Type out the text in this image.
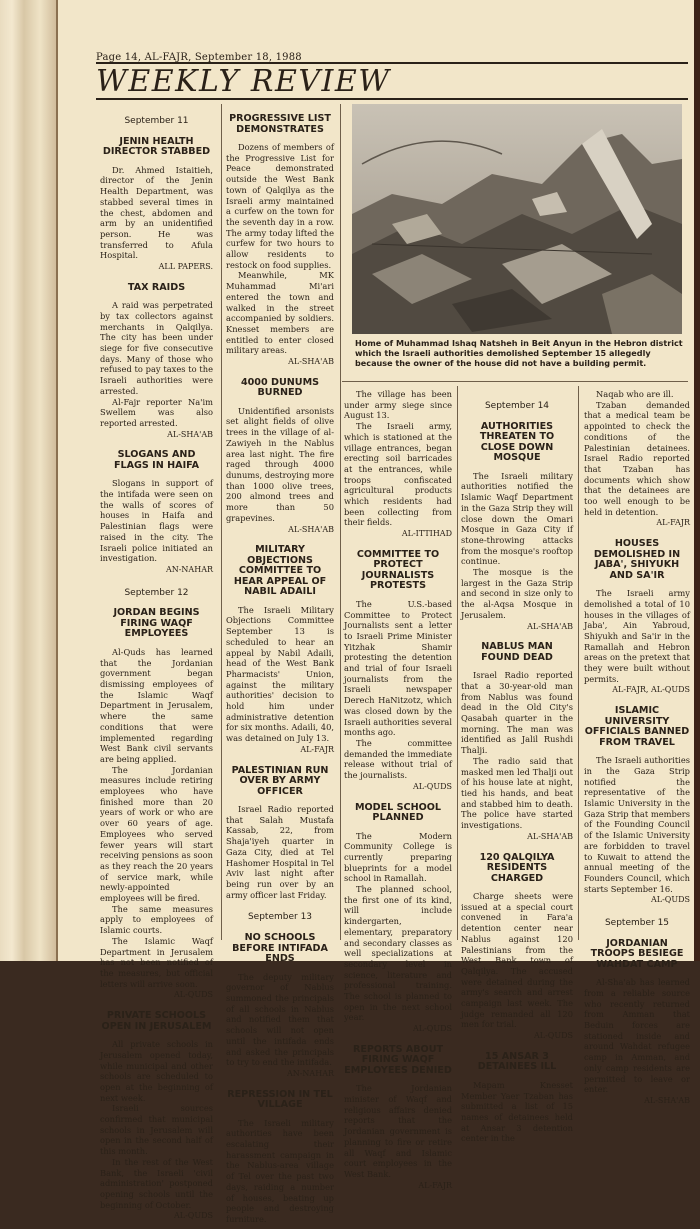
Page 14, AL-FAJR, September 18, 1988
WEEKLY REVIEW
Home of Muhammad Ishaq Natsheh in Beit Anyun in the Hebron district which the Israeli authorities demolished September 15 allegedly because the owner of the house did not have a building permit.
September 11
JENIN HEALTH DIRECTOR STABBED
Dr. Ahmed Istaitieh, director of the Jenin Health Department, was stabbed several times in the chest, abdomen and arm by an unidentified person. He was transferred to Afula Hospital.
ALL PAPERS.
TAX RAIDS
A raid was perpetrated by tax collectors against merchants in Qalqilya. The city has been under siege for five consecutive days. Many of those who refused to pay taxes to the Israeli authorities were arrested.
Al-Fajr reporter Na'im Swellem was also reported arrested.
AL-SHA'AB
SLOGANS AND FLAGS IN HAIFA
Slogans in support of the intifada were seen on the walls of scores of houses in Haifa and Palestinian flags were raised in the city. The Israeli police initiated an investigation.
AN-NAHAR
September 12
JORDAN BEGINS FIRING WAQF EMPLOYEES
Al-Quds has learned that the Jordanian government began dismissing employees of the Islamic Waqf Department in Jerusalem, where the same conditions that were implemented regarding West Bank civil servants are being applied.
The Jordanian measures include retiring employees who have finished more than 20 years of work or who are over 60 years of age. Employees who served fewer years will start receiving pensions as soon as they reach the 20 years of service mark, while newly-appointed employees will be fired.
The same measures apply to employees of Islamic courts.
The Islamic Waqf Department in Jerusalem has not been notified of the measures, but official letters will arrive soon.
AL-QUDS
PRIVATE SCHOOLS OPEN IN JERUSALEM
All private schools in Jerusalem opened today, while municipal and other schools are scheduled to open at the beginning of next week.
Israeli sources confirmed that municipal schools in Jerusalem will open in the second half of this month.
In the rest of the West Bank, the Israeli 'civil administration' postponed opening schools until the beginning of October.
AL-QUDS
PROGRESSIVE LIST DEMONSTRATES
Dozens of members of the Progressive List for Peace demonstrated outside the West Bank town of Qalqilya as the Israeli army maintained a curfew on the town for the seventh day in a row. The army today lifted the curfew for two hours to allow residents to restock on food supplies.
Meanwhile, MK Muhammad Mi'ari entered the town and walked in the street accompanied by soldiers. Knesset members are entitled to enter closed military areas.
AL-SHA'AB
4000 DUNUMS BURNED
Unidentified arsonists set alight fields of olive trees in the village of al-Zawiyeh in the Nablus area last night. The fire raged through 4000 dunums, destroying more than 1000 olive trees, 200 almond trees and more than 50 grapevines.
AL-SHA'AB
MILITARY OBJECTIONS COMMITTEE TO HEAR APPEAL OF NABIL ADAILI
The Israeli Military Objections Committee September 13 is scheduled to hear an appeal by Nabil Adaili, head of the West Bank Pharmacists' Union, against the military authorities' decision to hold him under administrative detention for six months. Adaili, 40, was detained on July 13.
AL-FAJR
PALESTINIAN RUN OVER BY ARMY OFFICER
Israel Radio reported that Salah Mustafa Kassab, 22, from Shaja'iyeh quarter in Gaza City, died at Tel Hashomer Hospital in Tel Aviv last night after being run over by an army officer last Friday.
September 13
NO SCHOOLS BEFORE INTIFADA ENDS
The deputy military governor of Nablus summoned the principals of all schools in Nablus and notified them that schools will not open until the intifada ends and asked the principals to try to end the intifada.
AN-NAHAR
REPRESSION IN TEL VILLAGE
The Israeli military authorities have been escalating their harassment campaign in the Nablus-area village of Tel over the past two days, raiding a number of houses, beating up people and destroying furniture.
The village has been under army siege since August 13.
The Israeli army, which is stationed at the village entrances, began erecting soil barricades at the entrances, while troops confiscated agricultural products which residents had been collecting from their fields.
AL-ITTIHAD
COMMITTEE TO PROTECT JOURNALISTS PROTESTS
The U.S.-based Committee to Protect Journalists sent a letter to Israeli Prime Minister Yitzhak Shamir protesting the detention and trial of four Israeli journalists from the Israeli newspaper Derech HaNitzotz, which was closed down by the Israeli authorities several months ago.
The committee demanded the immediate release without trial of the journalists.
AL-QUDS
MODEL SCHOOL PLANNED
The Modern Community College is currently preparing blueprints for a model school in Ramallah.
The planned school, the first one of its kind, will include kindergarten, elementary, preparatory and secondary classes as well specializations at secondary level in science, literature and professional training. The school is planned to open in the next school year.
AL-QUDS
REPORTS ABOUT FIRING WAQF EMPLOYEES DENIED
The Jordanian minister of Waqf and religious affairs denied reports that the Jordanian government is planning to fire or retire all Waqf and Islamic court employees in the West Bank.
AL-FAJR
September 14
AUTHORITIES THREATEN TO CLOSE DOWN MOSQUE
The Israeli military authorities notified the Islamic Waqf Department in the Gaza Strip they will close down the Omari Mosque in Gaza City if stone-throwing attacks from the mosque's rooftop continue.
The mosque is the largest in the Gaza Strip and second in size only to the al-Aqsa Mosque in Jerusalem.
AL-SHA'AB
NABLUS MAN FOUND DEAD
Israel Radio reported that a 30-year-old man from Nablus was found dead in the Old City's Qasabah quarter in the morning. The man was identified as Jalil Rushdi Thalji.
The radio said that masked men led Thalji out of his house late at night, tied his hands, and beat and stabbed him to death. The police have started investigations.
AL-SHA'AB
120 QALQILYA RESIDENTS CHARGED
Charge sheets were issued at a special court convened in Fara'a detention center near Nablus against 120 Palestinians from the West Bank town of Qalqilya. The accused were detained during the army's search and arrest campaign last week. The judge remanded all 120 men for trial.
AL-QUDS
15 ANSAR 3 DETAINEES ILL
Mapam Knesset Member Yaer Tzaban has submitted a list of 15 names of detainees held at Ansar 3 detention center in the
Naqab who are ill.
Tzaban demanded that a medical team be appointed to check the conditions of the Palestinian detainees. Israel Radio reported that Tzaban has documents which show that the detainees are too well enough to be held in detention.
AL-FAJR
HOUSES DEMOLISHED IN JABA', SHIYUKH AND SA'IR
The Israeli army demolished a total of 10 houses in the villages of Jaba', Ain Yabroud, Shiyukh and Sa'ir in the Ramallah and Hebron areas on the pretext that they were built without permits.
AL-FAJR, AL-QUDS
ISLAMIC UNIVERSITY OFFICIALS BANNED FROM TRAVEL
The Israeli authorities in the Gaza Strip notified the representative of the Islamic University in the Gaza Strip that members of the Founding Council of the Islamic University are forbidden to travel to Kuwait to attend the annual meeting of the Founders Council, which starts September 16.
AL-QUDS
September 15
JORDANIAN TROOPS BESIEGE WAHDAT CAMP
Al-Sha'ab has learned from a reliable source who recently returned from Amman that Beduin forces are stationed inside and around Wahdat refugee camp in Amman, and only camp residents are permitted to leave or enter.
AL-SHA'AB
